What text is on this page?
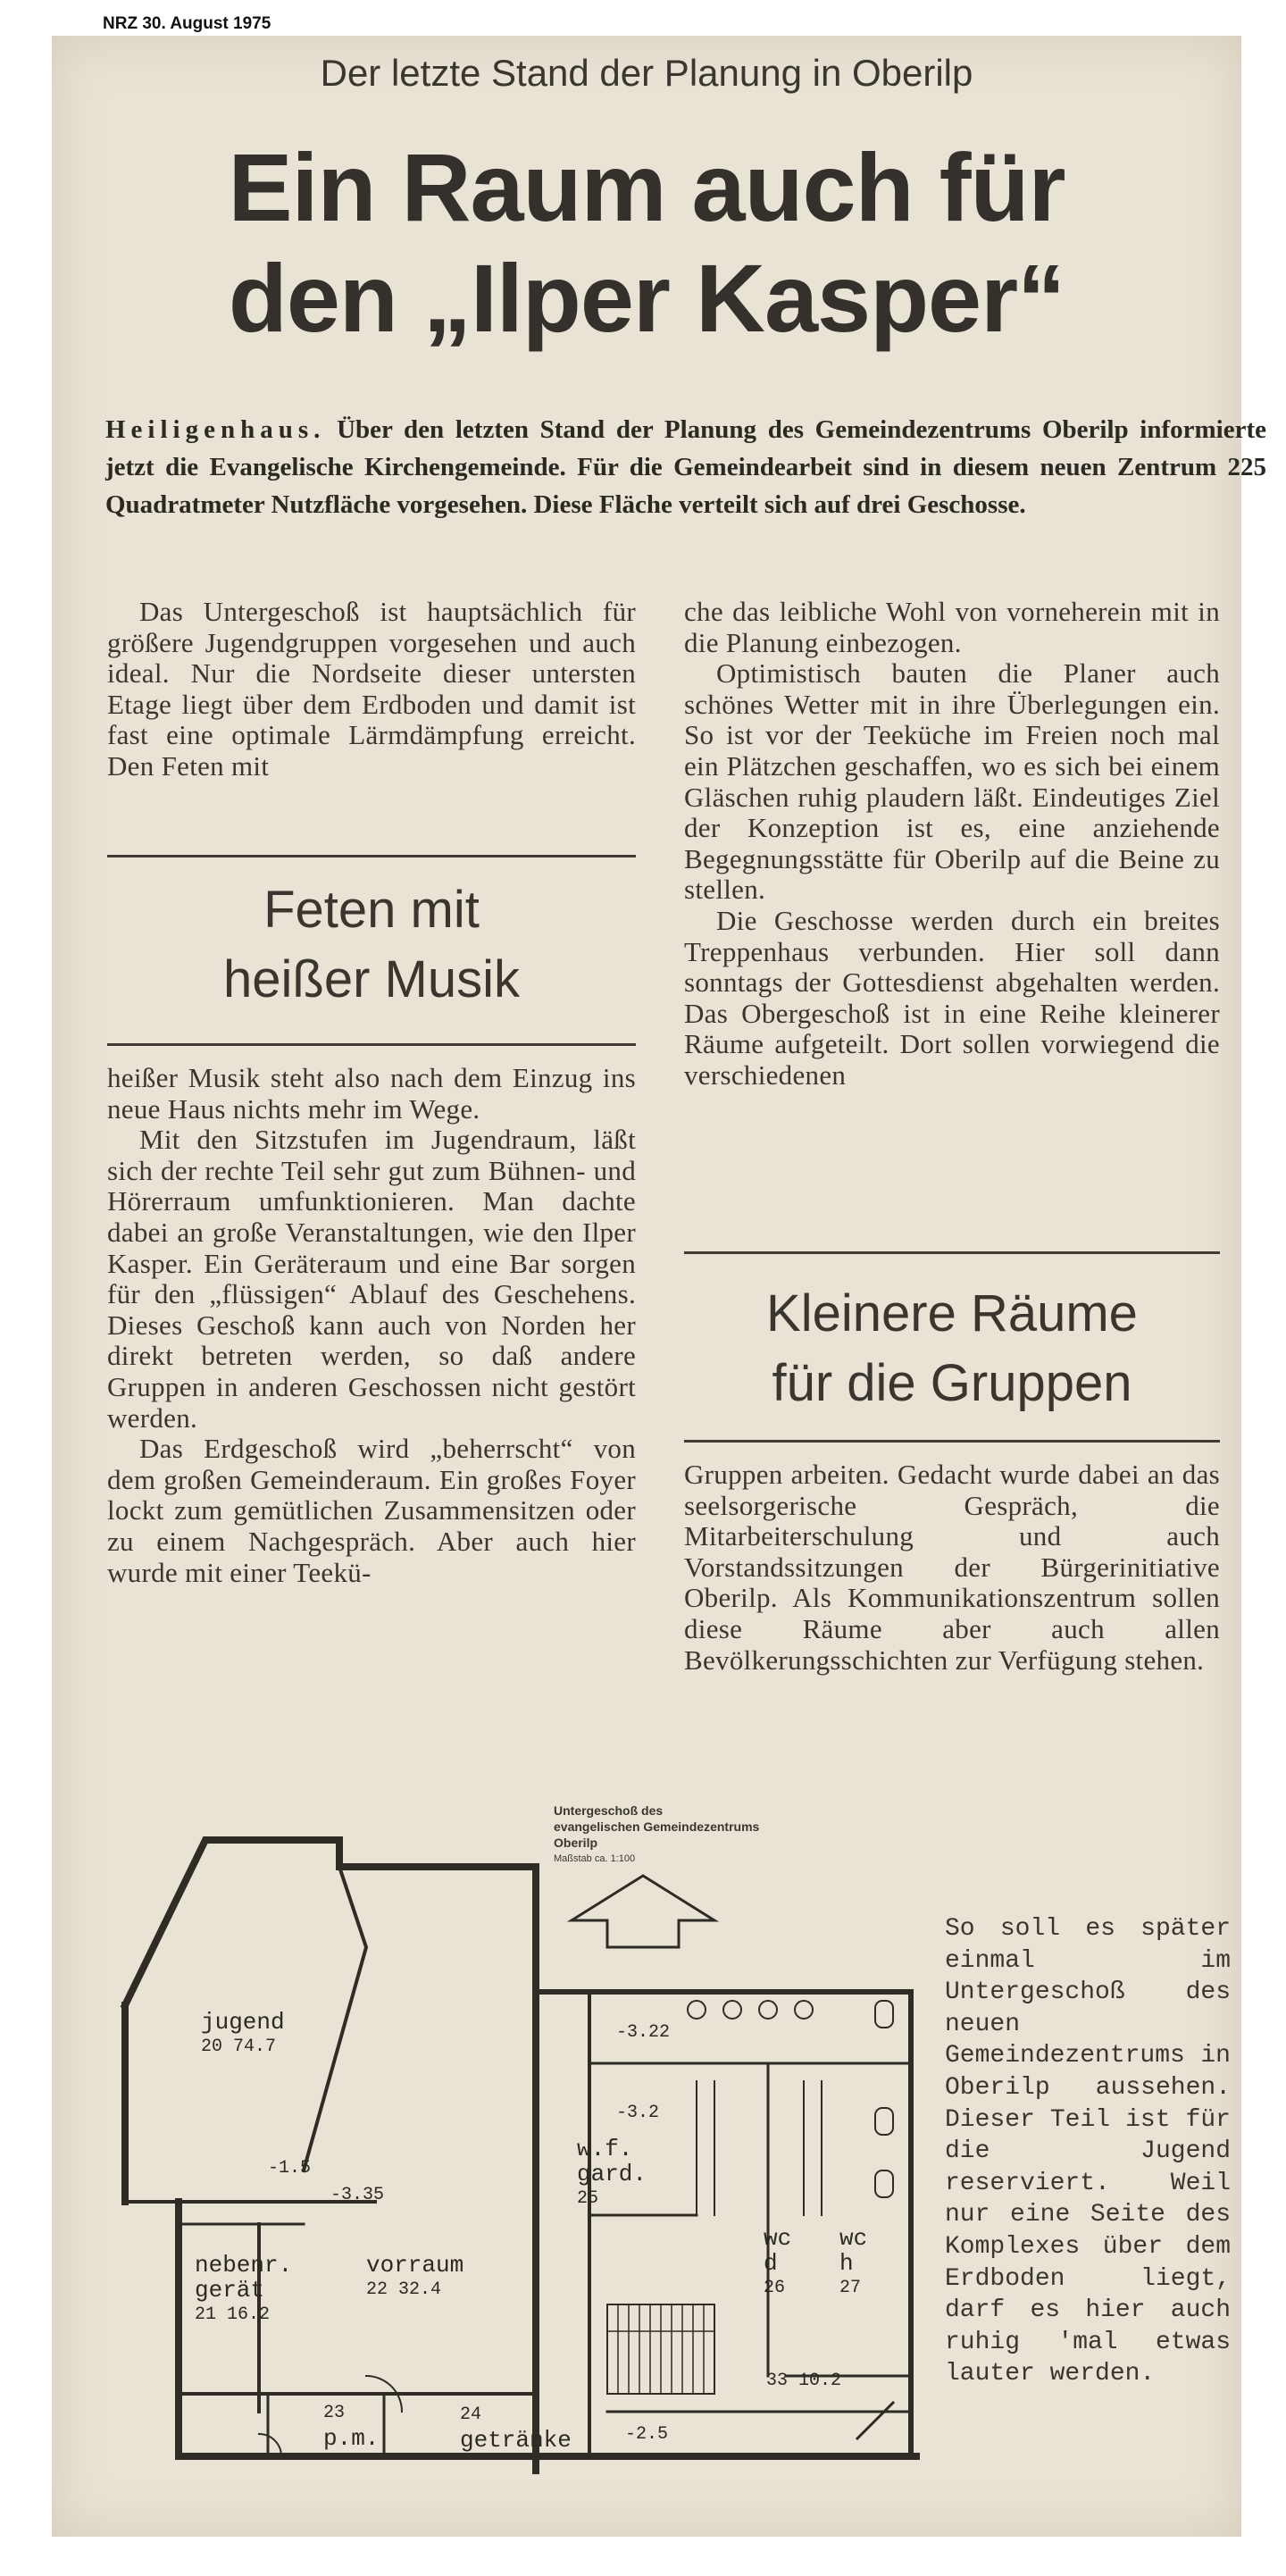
NRZ 30. August 1975
Der letzte Stand der Planung in Oberilp
Ein Raum auch für
den „Ilper Kasper“
Heiligenhaus. Über den letzten Stand der Planung des Gemeindezentrums Oberilp informierte jetzt die Evangelische Kirchengemeinde. Für die Gemeindearbeit sind in diesem neuen Zentrum 225 Quadratmeter Nutzfläche vorgesehen. Diese Fläche verteilt sich auf drei Geschosse.

Das Untergeschoß ist hauptsächlich für größere Jugendgruppen vorgesehen und auch ideal. Nur die Nordseite dieser untersten Etage liegt über dem Erdboden und damit ist fast eine optimale Lärmdämpfung erreicht. Den Feten mit

Feten mit
heißer Musik

heißer Musik steht also nach dem Einzug ins neue Haus nichts mehr im Wege.

Mit den Sitzstufen im Jugendraum, läßt sich der rechte Teil sehr gut zum Bühnen- und Hörerraum umfunktionieren. Man dachte dabei an große Veranstaltungen, wie den Ilper Kasper. Ein Geräteraum und eine Bar sorgen für den „flüssigen“ Ablauf des Geschehens. Dieses Geschoß kann auch von Norden her direkt betreten werden, so daß andere Gruppen in anderen Geschossen nicht gestört werden.

Das Erdgeschoß wird „beherrscht“ von dem großen Gemeinderaum. Ein großes Foyer lockt zum gemütlichen Zusammensitzen oder zu einem Nachgespräch. Aber auch hier wurde mit einer Teekü-

che das leibliche Wohl von vorneherein mit in die Planung einbezogen.

Optimistisch bauten die Planer auch schönes Wetter mit in ihre Überlegungen ein. So ist vor der Teeküche im Freien noch mal ein Plätzchen geschaffen, wo es sich bei einem Gläschen ruhig plaudern läßt. Eindeutiges Ziel der Konzeption ist es, eine anziehende Begegnungsstätte für Oberilp auf die Beine zu stellen.

Die Geschosse werden durch ein breites Treppenhaus verbunden. Hier soll dann sonntags der Gottesdienst abgehalten werden. Das Obergeschoß ist in eine Reihe kleinerer Räume aufgeteilt. Dort sollen vorwiegend die verschiedenen

Kleinere Räume
für die Gruppen

Gruppen arbeiten. Gedacht wurde dabei an das seelsorgerische Gespräch, die Mitarbeiterschulung und auch Vorstandssitzungen der Bürgerinitiative Oberilp. Als Kommunikationszentrum sollen diese Räume aber auch allen Bevölkerungsschichten zur Verfügung stehen.

Untergeschoß des
evangelischen Gemeindezentrums
Oberilp
Maßstab ca. 1:100
jugend
20 74.7
nebenr.
gerät
21 16.2
vorraum
22 32.4
23
p.m.
24
getränke
w.f.
gard.
25
wc
d
26
wc
h
27
33 10.2
-3.22
-3.2
-1.5
-3.35
-2.5
So soll es später einmal im Untergeschoß des neuen Gemeindezentrums in Oberilp aussehen. Dieser Teil ist für die Jugend reserviert. Weil nur eine Seite des Komplexes über dem Erdboden liegt, darf es hier auch ruhig 'mal etwas lauter werden.
